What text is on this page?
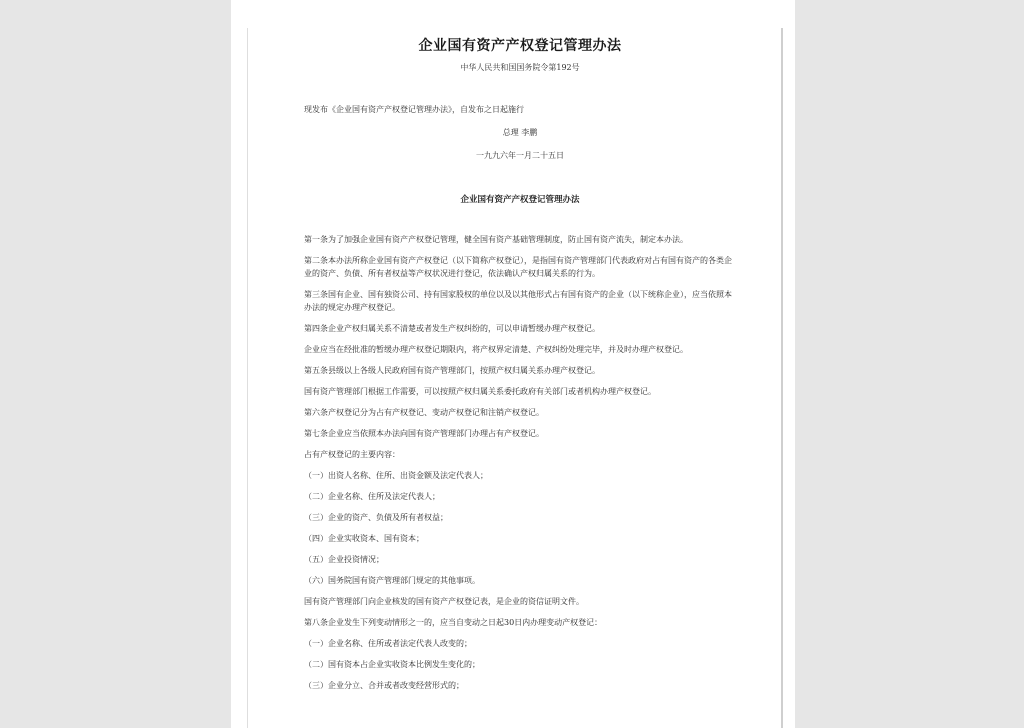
企业国有资产产权登记管理办法
中华人民共和国国务院令第192号

现发布《企业国有资产产权登记管理办法》，自发布之日起施行

总理 李鹏

一九九六年一月二十五日

企业国有资产产权登记管理办法

第一条为了加强企业国有资产产权登记管理，健全国有资产基础管理制度，防止国有资产流失，制定本办法。

第二条本办法所称企业国有资产产权登记（以下简称产权登记），是指国有资产管理部门代表政府对占有国有资产的各类企业的资产、负债、所有者权益等产权状况进行登记，依法确认产权归属关系的行为。

第三条国有企业、国有独资公司、持有国家股权的单位以及以其他形式占有国有资产的企业（以下统称企业），应当依照本办法的规定办理产权登记。

第四条企业产权归属关系不清楚或者发生产权纠纷的，可以申请暂缓办理产权登记。

企业应当在经批准的暂缓办理产权登记期限内，将产权界定清楚、产权纠纷处理完毕，并及时办理产权登记。

第五条县级以上各级人民政府国有资产管理部门，按照产权归属关系办理产权登记。

国有资产管理部门根据工作需要，可以按照产权归属关系委托政府有关部门或者机构办理产权登记。

第六条产权登记分为占有产权登记、变动产权登记和注销产权登记。

第七条企业应当依照本办法向国有资产管理部门办理占有产权登记。

占有产权登记的主要内容：

（一）出资人名称、住所、出资金额及法定代表人；

（二）企业名称、住所及法定代表人；

（三）企业的资产、负债及所有者权益；

（四）企业实收资本、国有资本；

（五）企业投资情况；

（六）国务院国有资产管理部门规定的其他事项。

国有资产管理部门向企业核发的国有资产产权登记表，是企业的资信证明文件。

第八条企业发生下列变动情形之一的，应当自变动之日起30日内办理变动产权登记：

（一）企业名称、住所或者法定代表人改变的；

（二）国有资本占企业实收资本比例发生变化的；

（三）企业分立、合并或者改变经营形式的；
